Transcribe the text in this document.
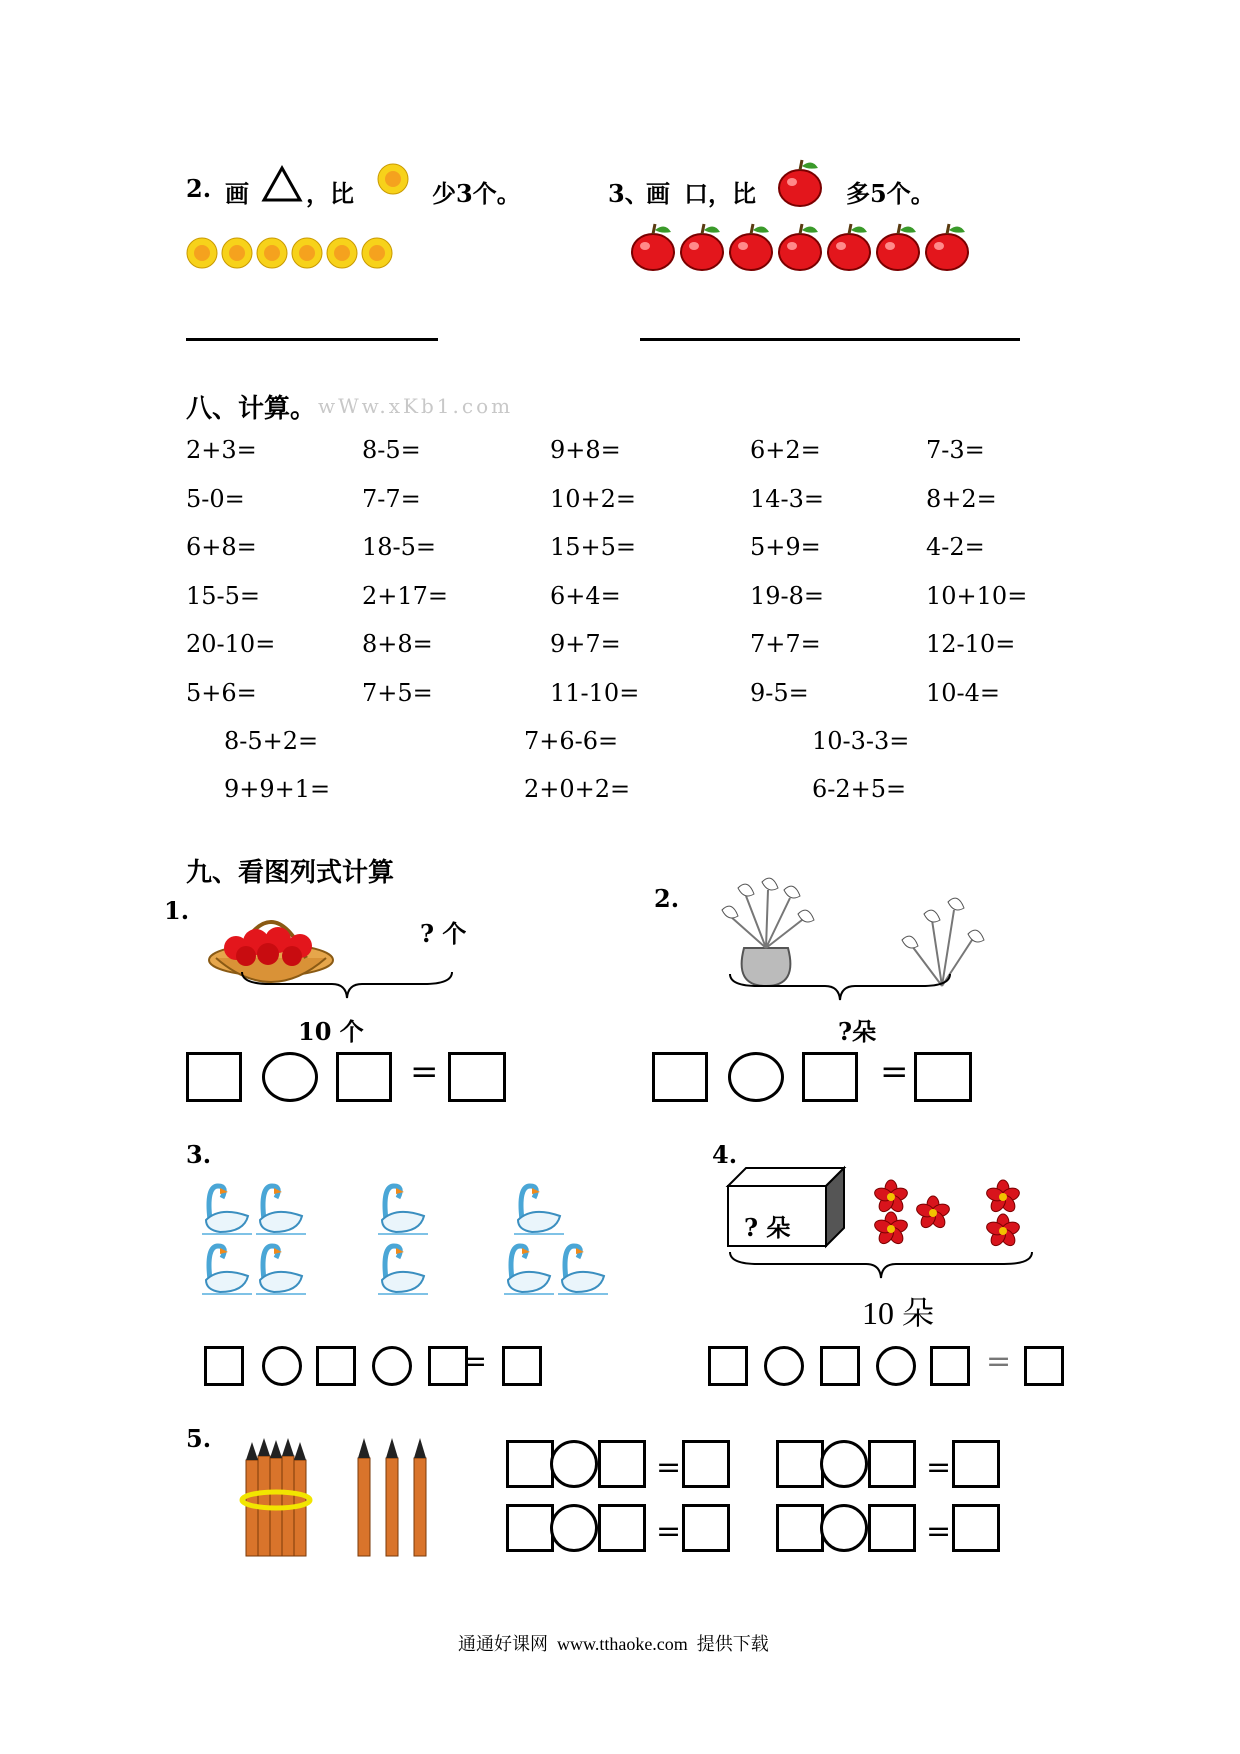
2. 画 ，比	少3个。	3、
画 口 ，比	多5个。
八、计算。 wWw.xKb1.com
2+3=	8-5=	9+8=	6+2=	7-3=
5-0=	7-7=	10+2=	14-3=	8+2=
6+8=	18-5=	15+5=	5+9=	4-2=
15-5=	2+17=	6+4=	19-8=	10+10=
20-10=	8+8=	9+7=	7+7=	12-10=
5+6=	7+5=	11-10=	9-5=	10-4=
8-5+2=	7+6-6=	10-3-3=
9+9+1=	2+0+2=	6-2+5=
九、看图列式计算
1.
? 个
10 个
2.
?朵
=	=
3.	4.
? 朵
10 朵
=	=
5.
=	=
=	=
通通好课网  www.tthaoke.com  提供下载
